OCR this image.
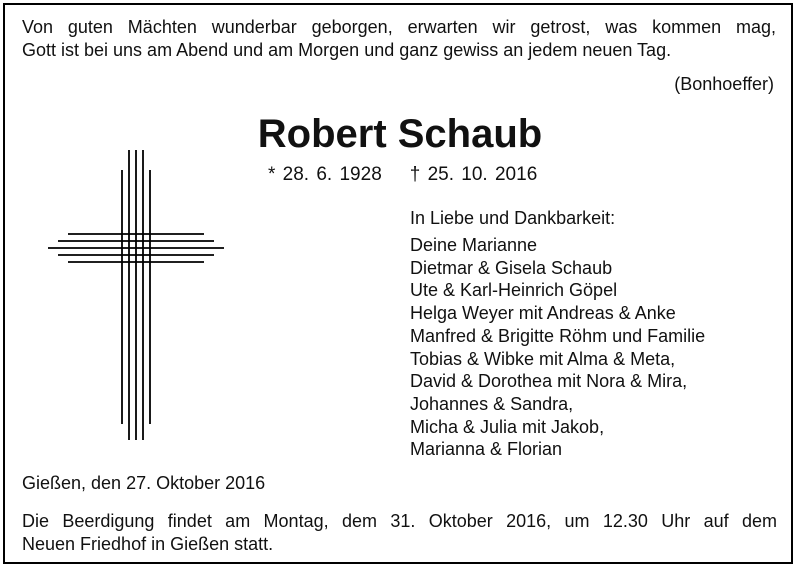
Von guten Mächten wunderbar geborgen, erwarten wir getrost, was kommen mag,
Gott ist bei uns am Abend und am Morgen und ganz gewiss an jedem neuen Tag.
(Bonhoeffer)
Robert Schaub
* 28. 6. 1928 † 25. 10. 2016
In Liebe und Dankbarkeit:
Deine Marianne
Dietmar & Gisela Schaub
Ute & Karl-Heinrich Göpel
Helga Weyer mit Andreas & Anke
Manfred & Brigitte Röhm und Familie
Tobias & Wibke mit Alma & Meta,
David & Dorothea mit Nora & Mira,
Johannes & Sandra,
Micha & Julia mit Jakob,
Marianna & Florian
Gießen, den 27. Oktober 2016
Die Beerdigung findet am Montag, dem 31. Oktober 2016, um 12.30 Uhr auf dem
Neuen Friedhof in Gießen statt.
